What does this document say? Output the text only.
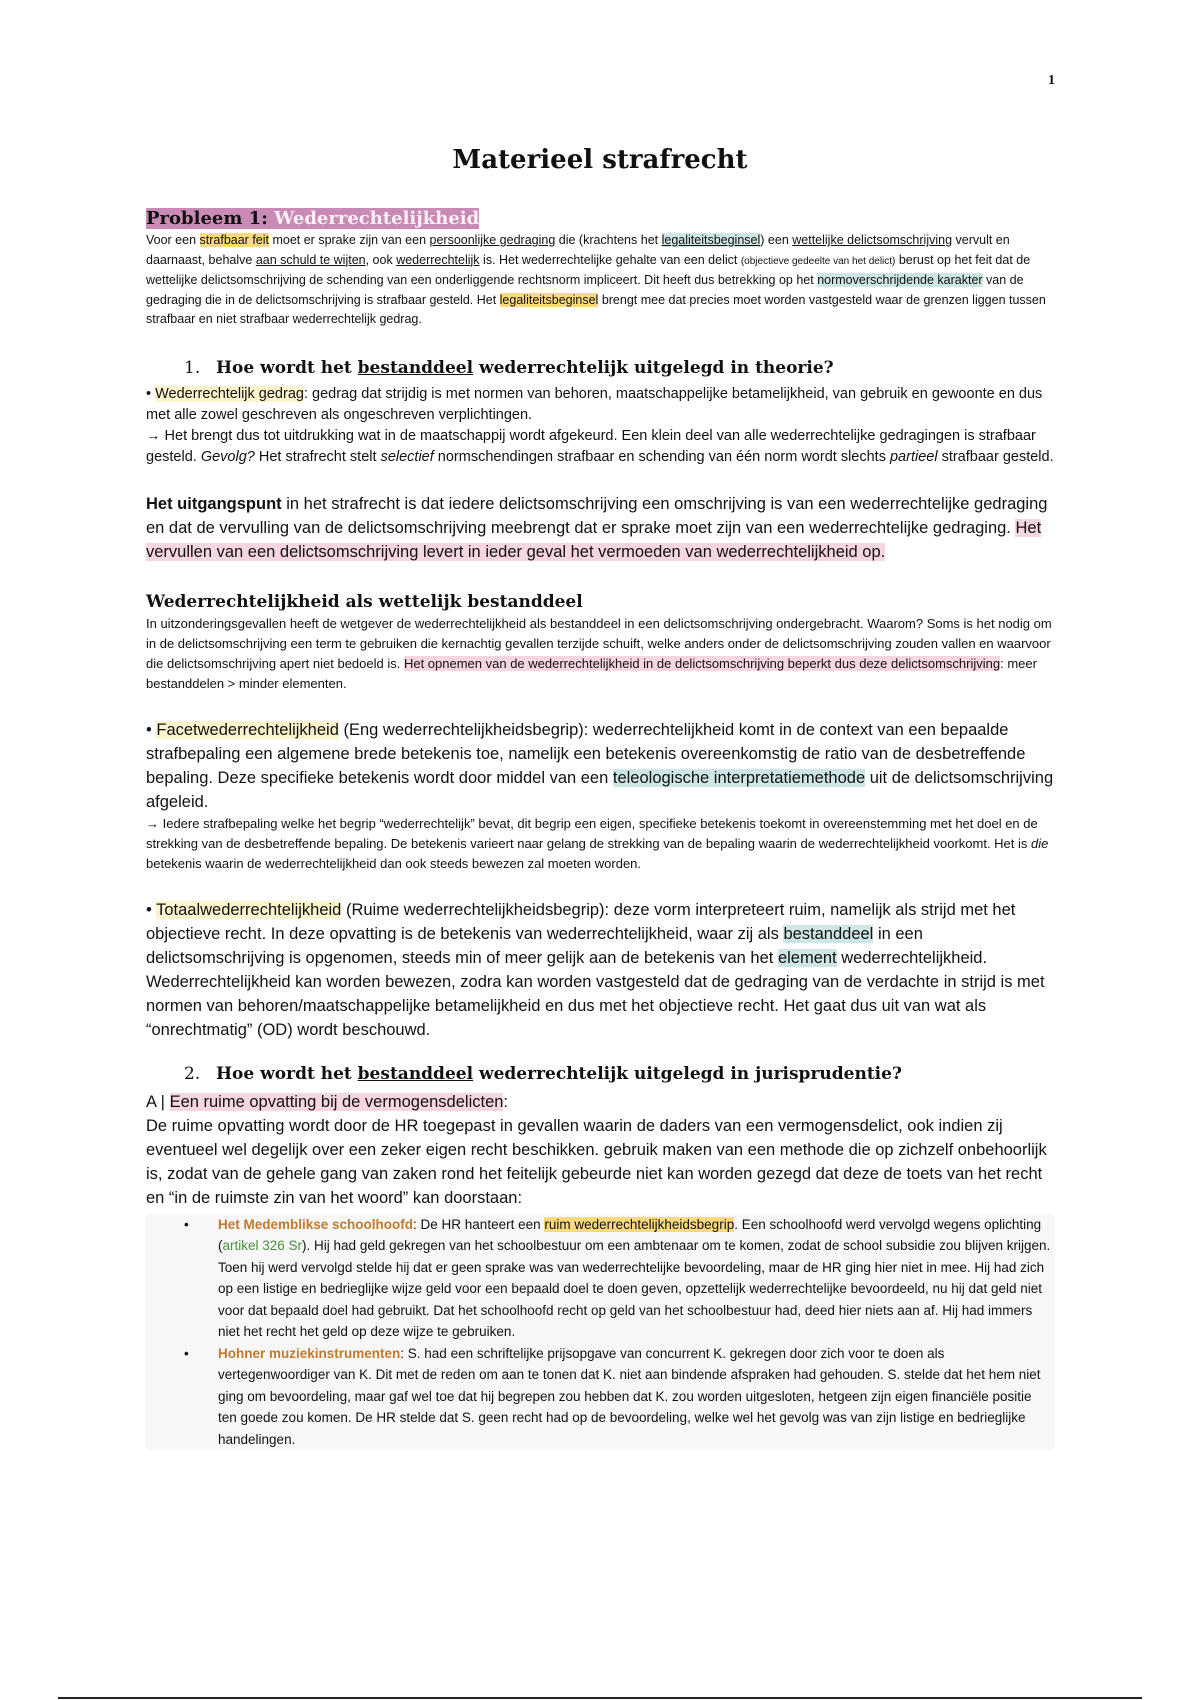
1
Materieel strafrecht
Probleem 1: Wederrechtelijkheid

Voor een strafbaar feit moet er sprake zijn van een persoonlijke gedraging die (krachtens het legaliteitsbeginsel) een wettelijke delictsomschrijving vervult en daarnaast, behalve aan schuld te wijten, ook wederrechtelijk is. Het wederrechtelijke gehalte van een delict (objectieve gedeelte van het delict) berust op het feit dat de wettelijke delictsomschrijving de schending van een onderliggende rechtsnorm impliceert. Dit heeft dus betrekking op het normoverschrijdende karakter van de gedraging die in de delictsomschrijving is strafbaar gesteld. Het legaliteitsbeginsel brengt mee dat precies moet worden vastgesteld waar de grenzen liggen tussen strafbaar en niet strafbaar wederrechtelijk gedrag.

1. Hoe wordt het bestanddeel wederrechtelijk uitgelegd in theorie?

• Wederrechtelijk gedrag: gedrag dat strijdig is met normen van behoren, maatschappelijke betamelijkheid, van gebruik en gewoonte en dus met alle zowel geschreven als ongeschreven verplichtingen.

→ Het brengt dus tot uitdrukking wat in de maatschappij wordt afgekeurd. Een klein deel van alle wederrechtelijke gedragingen is strafbaar gesteld. Gevolg? Het strafrecht stelt selectief normschendingen strafbaar en schending van één norm wordt slechts partieel strafbaar gesteld.

Het uitgangspunt in het strafrecht is dat iedere delictsomschrijving een omschrijving is van een wederrechtelijke gedraging en dat de vervulling van de delictsomschrijving meebrengt dat er sprake moet zijn van een wederrechtelijke gedraging. Het vervullen van een delictsomschrijving levert in ieder geval het vermoeden van wederrechtelijkheid op.

Wederrechtelijkheid als wettelijk bestanddeel

In uitzonderingsgevallen heeft de wetgever de wederrechtelijkheid als bestanddeel in een delictsomschrijving ondergebracht. Waarom? Soms is het nodig om in de delictsomschrijving een term te gebruiken die kernachtig gevallen terzijde schuift, welke anders onder de delictsomschrijving zouden vallen en waarvoor die delictsomschrijving apert niet bedoeld is. Het opnemen van de wederrechtelijkheid in de delictsomschrijving beperkt dus deze delictsomschrijving: meer bestanddelen > minder elementen.

• Facetwederrechtelijkheid (Eng wederrechtelijkheidsbegrip): wederrechtelijkheid komt in de context van een bepaalde strafbepaling een algemene brede betekenis toe, namelijk een betekenis overeenkomstig de ratio van de desbetreffende bepaling. Deze specifieke betekenis wordt door middel van een teleologische interpretatiemethode uit de delictsomschrijving afgeleid.

→ Iedere strafbepaling welke het begrip “wederrechtelijk” bevat, dit begrip een eigen, specifieke betekenis toekomt in overeenstemming met het doel en de strekking van de desbetreffende bepaling. De betekenis varieert naar gelang de strekking van de bepaling waarin de wederrechtelijkheid voorkomt. Het is die betekenis waarin de wederrechtelijkheid dan ook steeds bewezen zal moeten worden.

• Totaalwederrechtelijkheid (Ruime wederrechtelijkheidsbegrip): deze vorm interpreteert ruim, namelijk als strijd met het objectieve recht. In deze opvatting is de betekenis van wederrechtelijkheid, waar zij als bestanddeel in een delictsomschrijving is opgenomen, steeds min of meer gelijk aan de betekenis van het element wederrechtelijkheid. Wederrechtelijkheid kan worden bewezen, zodra kan worden vastgesteld dat de gedraging van de verdachte in strijd is met normen van behoren/maatschappelijke betamelijkheid en dus met het objectieve recht. Het gaat dus uit van wat als “onrechtmatig” (OD) wordt beschouwd.

2. Hoe wordt het bestanddeel wederrechtelijk uitgelegd in jurisprudentie?

A | Een ruime opvatting bij de vermogensdelicten:

De ruime opvatting wordt door de HR toegepast in gevallen waarin de daders van een vermogensdelict, ook indien zij eventueel wel degelijk over een zeker eigen recht beschikken. gebruik maken van een methode die op zichzelf onbehoorlijk is, zodat van de gehele gang van zaken rond het feitelijk gebeurde niet kan worden gezegd dat deze de toets van het recht en “in de ruimste zin van het woord” kan doorstaan:

• Het Medemblikse schoolhoofd: De HR hanteert een ruim wederrechtelijkheidsbegrip. Een schoolhoofd werd vervolgd wegens oplichting (artikel 326 Sr). Hij had geld gekregen van het schoolbestuur om een ambtenaar om te komen, zodat de school subsidie zou blijven krijgen. Toen hij werd vervolgd stelde hij dat er geen sprake was van wederrechtelijke bevoordeling, maar de HR ging hier niet in mee. Hij had zich op een listige en bedrieglijke wijze geld voor een bepaald doel te doen geven, opzettelijk wederrechtelijke bevoordeeld, nu hij dat geld niet voor dat bepaald doel had gebruikt. Dat het schoolhoofd recht op geld van het schoolbestuur had, deed hier niets aan af. Hij had immers niet het recht het geld op deze wijze te gebruiken.
• Hohner muziekinstrumenten: S. had een schriftelijke prijsopgave van concurrent K. gekregen door zich voor te doen als vertegenwoordiger van K. Dit met de reden om aan te tonen dat K. niet aan bindende afspraken had gehouden. S. stelde dat het hem niet ging om bevoordeling, maar gaf wel toe dat hij begrepen zou hebben dat K. zou worden uitgesloten, hetgeen zijn eigen financiële positie ten goede zou komen. De HR stelde dat S. geen recht had op de bevoordeling, welke wel het gevolg was van zijn listige en bedrieglijke handelingen.
